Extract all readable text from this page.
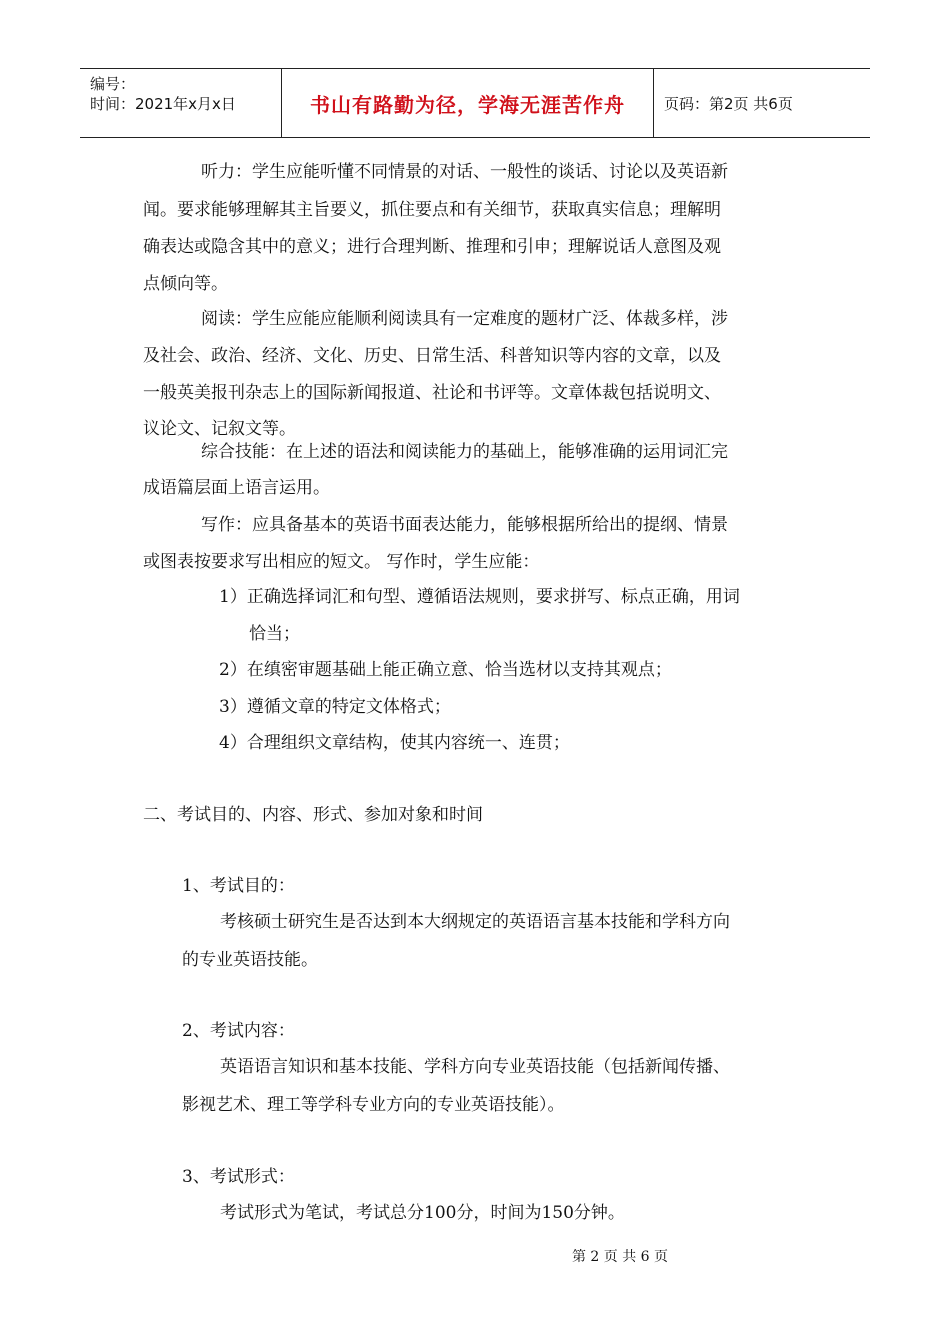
编号：
时间：2021年x月x日	书山有路勤为径，学海无涯苦作舟	页码：第2页 共6页

听力：学生应能听懂不同情景的对话、一般性的谈话、讨论以及英语新

闻。要求能够理解其主旨要义，抓住要点和有关细节，获取真实信息；理解明

确表达或隐含其中的意义；进行合理判断、推理和引申；理解说话人意图及观

点倾向等。

阅读：学生应能应能顺利阅读具有一定难度的题材广泛、体裁多样，涉

及社会、政治、经济、文化、历史、日常生活、科普知识等内容的文章，以及

一般英美报刊杂志上的国际新闻报道、社论和书评等。文章体裁包括说明文、

议论文、记叙文等。

综合技能：在上述的语法和阅读能力的基础上，能够准确的运用词汇完

成语篇层面上语言运用。

写作：应具备基本的英语书面表达能力，能够根据所给出的提纲、情景

或图表按要求写出相应的短文。 写作时，学生应能：

1）正确选择词汇和句型、遵循语法规则，要求拼写、标点正确，用词

恰当；

2）在缜密审题基础上能正确立意、恰当选材以支持其观点；

3）遵循文章的特定文体格式；

4）合理组织文章结构，使其内容统一、连贯；

二、考试目的、内容、形式、参加对象和时间

1、考试目的：

考核硕士研究生是否达到本大纲规定的英语语言基本技能和学科方向

的专业英语技能。

2、考试内容：

英语语言知识和基本技能、学科方向专业英语技能（包括新闻传播、

影视艺术、理工等学科专业方向的专业英语技能）。

3、考试形式：

考试形式为笔试，考试总分100分，时间为150分钟。

第 2 页 共 6 页
